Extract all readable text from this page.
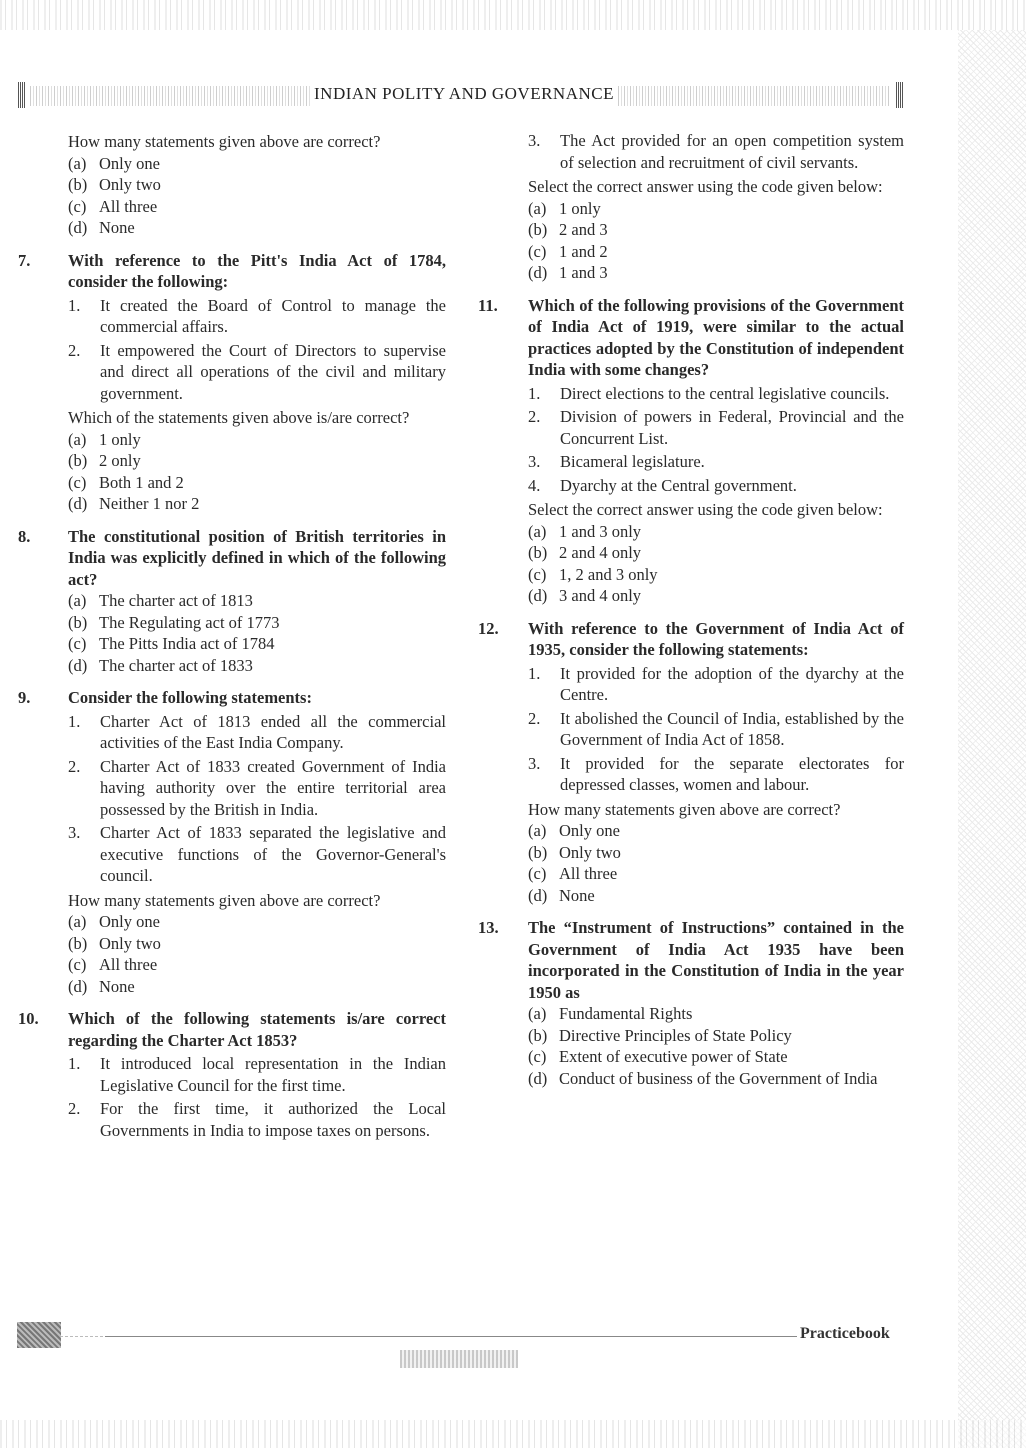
INDIAN POLITY AND GOVERNANCE
How many statements given above are correct?
(a) Only one
(b) Only two
(c) All three
(d) None
7.	With reference to the Pitt's India Act of 1784, consider the following:
1.	It created the Board of Control to manage the commercial affairs.
2.	It empowered the Court of Directors to supervise and direct all operations of the civil and military government.
Which of the statements given above is/are correct?
(a) 1 only
(b) 2 only
(c) Both 1 and 2
(d) Neither 1 nor 2
8.	The constitutional position of British territories in India was explicitly defined in which of the following act?
(a) The charter act of 1813
(b) The Regulating act of 1773
(c) The Pitts India act of 1784
(d) The charter act of 1833
9.	Consider the following statements:
1.	Charter Act of 1813 ended all the commercial activities of the East India Company.
2.	Charter Act of 1833 created Government of India having authority over the entire territorial area possessed by the British in India.
3.	Charter Act of 1833 separated the legislative and executive functions of the Governor-General's council.
How many statements given above are correct?
(a) Only one
(b) Only two
(c) All three
(d) None
10.	Which of the following statements is/are correct regarding the Charter Act 1853?
1.	It introduced local representation in the Indian Legislative Council for the first time.
2.	For the first time, it authorized the Local Governments in India to impose taxes on persons.
3.	The Act provided for an open competition system of selection and recruitment of civil servants.
Select the correct answer using the code given below:
(a) 1 only
(b) 2 and 3
(c) 1 and 2
(d) 1 and 3
11.	Which of the following provisions of the Government of India Act of 1919, were similar to the actual practices adopted by the Constitution of independent India with some changes?
1.	Direct elections to the central legislative councils.
2.	Division of powers in Federal, Provincial and the Concurrent List.
3.	Bicameral legislature.
4.	Dyarchy at the Central government.
Select the correct answer using the code given below:
(a) 1 and 3 only
(b) 2 and 4 only
(c) 1, 2 and 3 only
(d) 3 and 4 only
12.	With reference to the Government of India Act of 1935, consider the following statements:
1.	It provided for the adoption of the dyarchy at the Centre.
2.	It abolished the Council of India, established by the Government of India Act of 1858.
3.	It provided for the separate electorates for depressed classes, women and labour.
How many statements given above are correct?
(a) Only one
(b) Only two
(c) All three
(d) None
13.	The “Instrument of Instructions” contained in the Government of India Act 1935 have been incorporated in the Constitution of India in the year 1950 as
(a) Fundamental Rights
(b) Directive Principles of State Policy
(c) Extent of executive power of State
(d) Conduct of business of the Government of India
Practicebook
